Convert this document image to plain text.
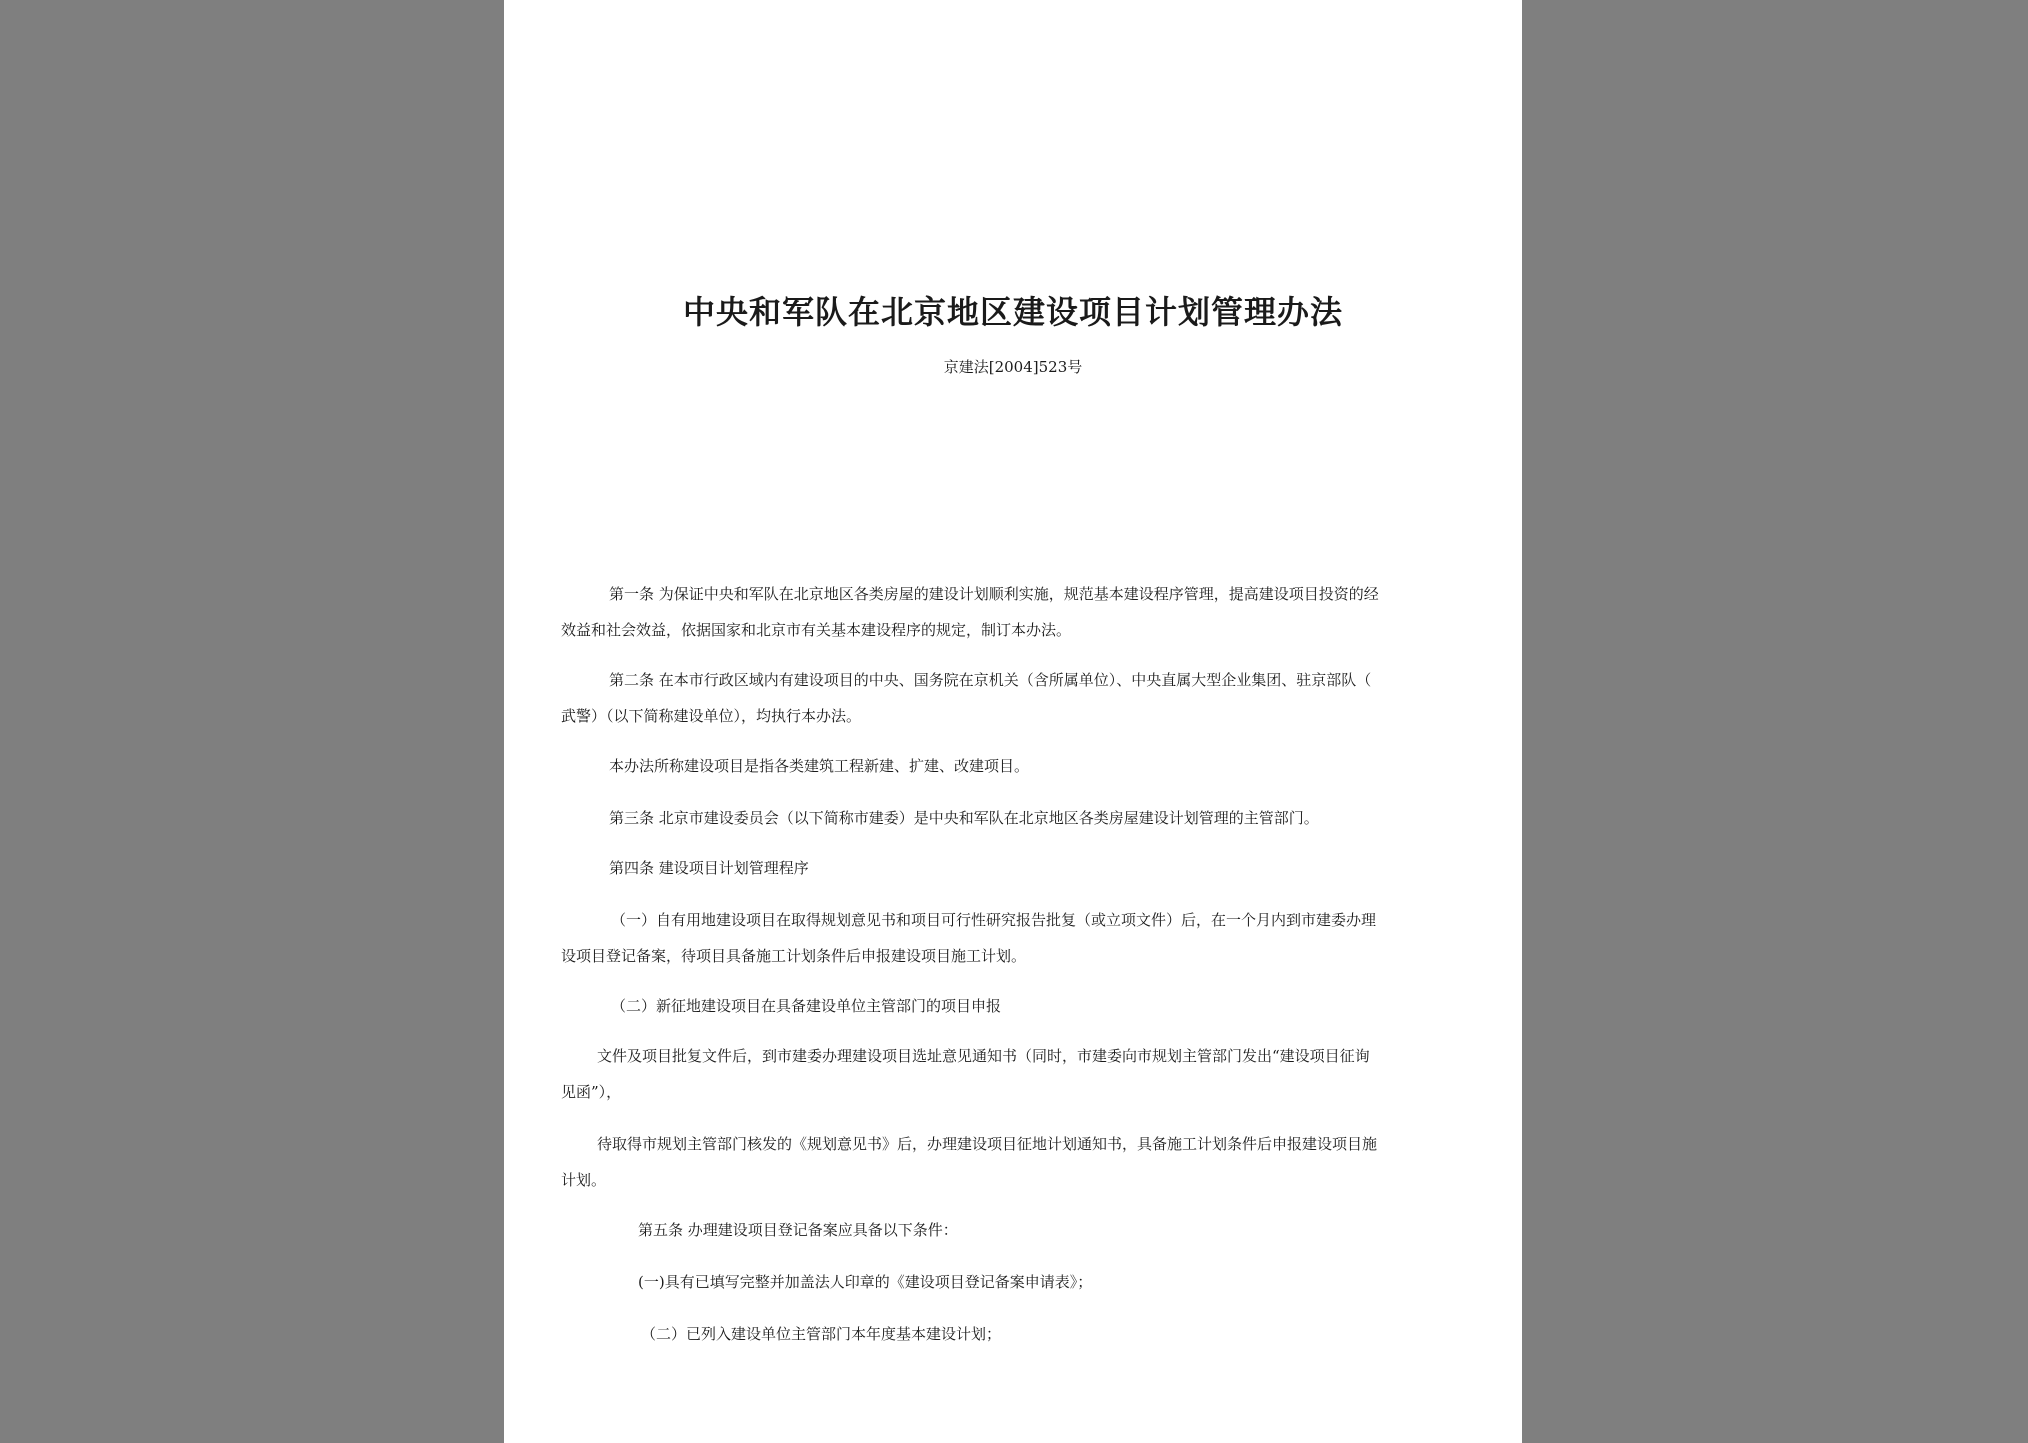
中央和军队在北京地区建设项目计划管理办法
京建法[2004]523号
第一条 为保证中央和军队在北京地区各类房屋的建设计划顺利实施，规范基本建设程序管理，提高建设项目投资的经
效益和社会效益，依据国家和北京市有关基本建设程序的规定，制订本办法。
第二条 在本市行政区域内有建设项目的中央、国务院在京机关（含所属单位）、中央直属大型企业集团、驻京部队（
武警）（以下简称建设单位），均执行本办法。
本办法所称建设项目是指各类建筑工程新建、扩建、改建项目。
第三条 北京市建设委员会（以下简称市建委）是中央和军队在北京地区各类房屋建设计划管理的主管部门。
第四条 建设项目计划管理程序
（一）自有用地建设项目在取得规划意见书和项目可行性研究报告批复（或立项文件）后，在一个月内到市建委办理
设项目登记备案，待项目具备施工计划条件后申报建设项目施工计划。
（二）新征地建设项目在具备建设单位主管部门的项目申报
文件及项目批复文件后，到市建委办理建设项目选址意见通知书（同时，市建委向市规划主管部门发出“建设项目征询
见函”），
待取得市规划主管部门核发的《规划意见书》后，办理建设项目征地计划通知书，具备施工计划条件后申报建设项目施
计划。
第五条 办理建设项目登记备案应具备以下条件：
(一)具有已填写完整并加盖法人印章的《建设项目登记备案申请表》；
（二）已列入建设单位主管部门本年度基本建设计划；
